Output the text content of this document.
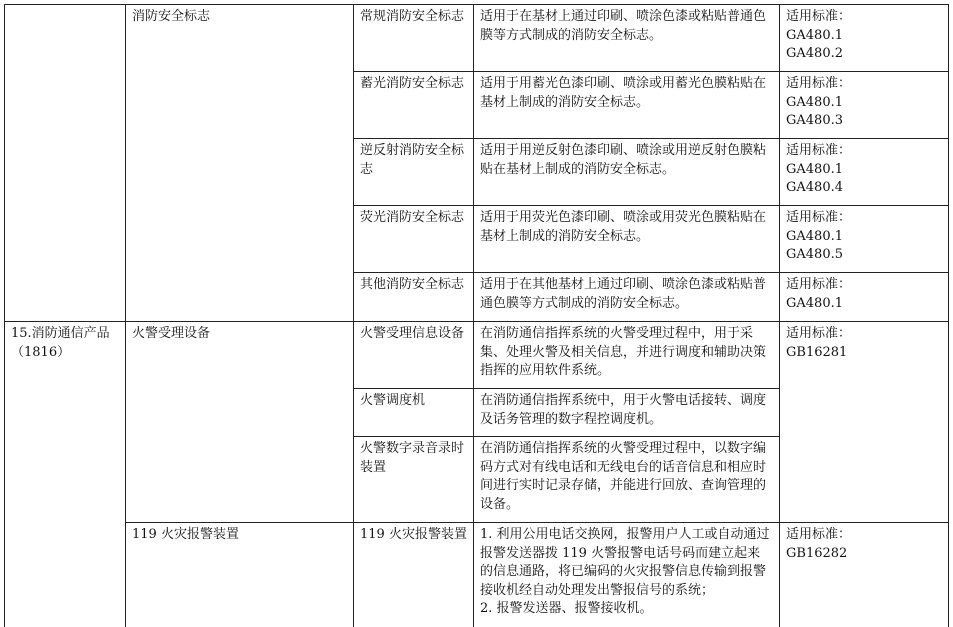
	消防安全标志	常规消防安全标志	适用于在基材上通过印刷、喷涂色漆或粘贴普通色膜等方式制成的消防安全标志。	适用标准：
GA480.1
GA480.2
		蓄光消防安全标志	适用于用蓄光色漆印刷、喷涂或用蓄光色膜粘贴在基材上制成的消防安全标志。	适用标准：
GA480.1
GA480.3
		逆反射消防安全标志	适用于用逆反射色漆印刷、喷涂或用逆反射色膜粘贴在基材上制成的消防安全标志。	适用标准：
GA480.1
GA480.4
		荧光消防安全标志	适用于用荧光色漆印刷、喷涂或用荧光色膜粘贴在基材上制成的消防安全标志。	适用标准：
GA480.1
GA480.5
		其他消防安全标志	适用于在其他基材上通过印刷、喷涂色漆或粘贴普通色膜等方式制成的消防安全标志。	适用标准：
GA480.1
15.消防通信产品（1816）	火警受理设备	火警受理信息设备	在消防通信指挥系统的火警受理过程中，用于采集、处理火警及相关信息，并进行调度和辅助决策指挥的应用软件系统。	适用标准：
GB16281
		火警调度机	在消防通信指挥系统中，用于火警电话接转、调度及话务管理的数字程控调度机。	
		火警数字录音录时装置	在消防通信指挥系统的火警受理过程中，以数字编码方式对有线电话和无线电台的话音信息和相应时间进行实时记录存储，并能进行回放、查询管理的设备。	
	119 火灾报警装置	119 火灾报警装置	1. 利用公用电话交换网，报警用户人工或自动通过报警发送器拨 119 火警报警电话号码而建立起来的信息通路，将已编码的火灾报警信息传输到报警接收机经自动处理发出警报信号的系统；
2. 报警发送器、报警接收机。	适用标准：
GB16282
